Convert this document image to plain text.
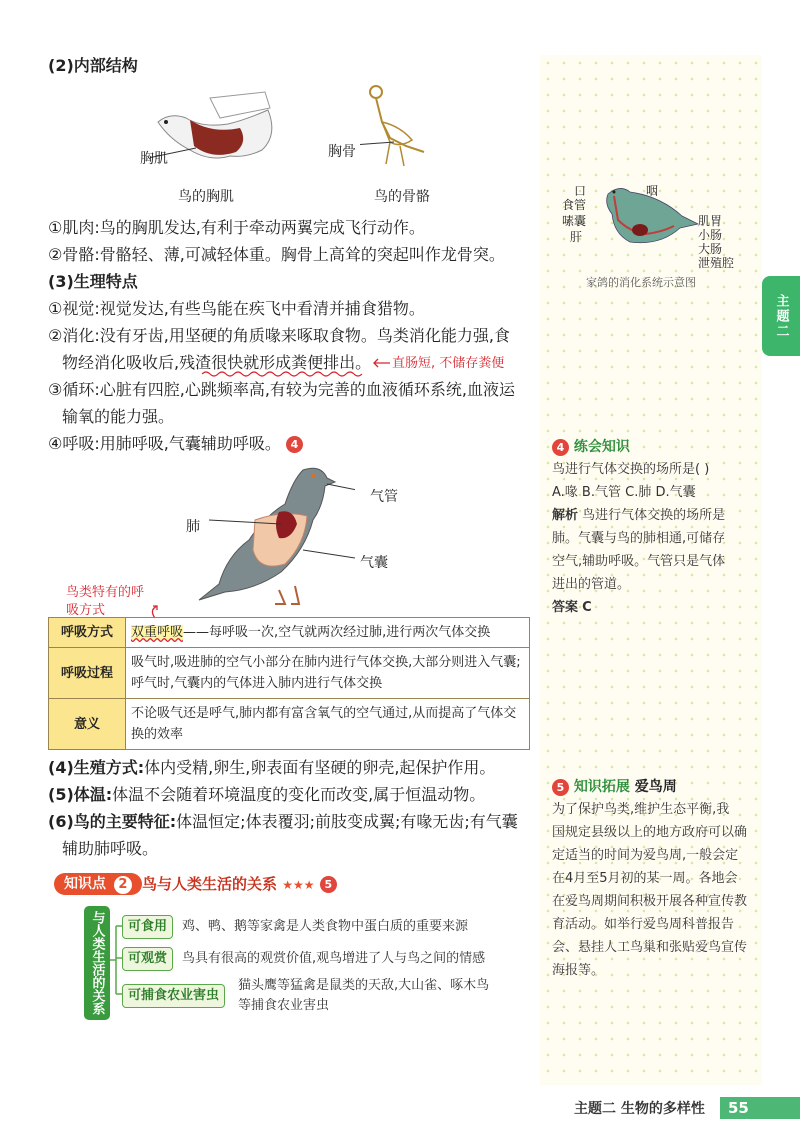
主题二
(2)内部结构
胸肌
鸟的胸肌
胸骨
鸟的骨骼
①肌肉:鸟的胸肌发达,有利于牵动两翼完成飞行动作。
②骨骼:骨骼轻、薄,可减轻体重。胸骨上高耸的突起叫作龙骨突。
(3)生理特点
①视觉:视觉发达,有些鸟能在疾飞中看清并捕食猎物。
②消化:没有牙齿,用坚硬的角质喙来啄取食物。鸟类消化能力强,食
物经消化吸收后,残渣很快就形成粪便排出。 直肠短, 不储存粪便
③循环:心脏有四腔,心跳频率高,有较为完善的血液循环系统,血液运
输氧的能力强。
④呼吸:用肺呼吸,气囊辅助呼吸。 4
肺
气管
气囊
鸟类特有的呼吸方式
呼吸方式	双重呼吸——每呼吸一次,空气就两次经过肺,进行两次气体交换
呼吸过程	吸气时,吸进肺的空气小部分在肺内进行气体交换,大部分则进入气囊;呼气时,气囊内的气体进入肺内进行气体交换
意义	不论吸气还是呼气,肺内都有富含氧气的空气通过,从而提高了气体交换的效率
(4)生殖方式:体内受精,卵生,卵表面有坚硬的卵壳,起保护作用。
(5)体温:体温不会随着环境温度的变化而改变,属于恒温动物。
(6)鸟的主要特征:体温恒定;体表覆羽;前肢变成翼;有喙无齿;有气囊
辅助肺呼吸。
知识点 2 鸟与人类生活的关系 ★★★ 5
与人类生活的关系	可食用	鸡、鸭、鹅等家禽是人类食物中蛋白质的重要来源
可观赏	鸟具有很高的观赏价值,观鸟增进了人与鸟之间的情感
可捕食农业害虫
猫头鹰等猛禽是鼠类的天敌,大山雀、啄木鸟
等捕食农业害虫
口
食管
嗉囊
肝
咽
肌胃
小肠
大肠
泄殖腔
家鸽的消化系统示意图
4 练会知识
鸟进行气体交换的场所是( )
A.喙 B.气管 C.肺 D.气囊
解析 鸟进行气体交换的场所是
肺。气囊与鸟的肺相通,可储存
空气,辅助呼吸。气管只是气体
进出的管道。
答案 C
5 知识拓展 爱鸟周
为了保护鸟类,维护生态平衡,我
国规定县级以上的地方政府可以确
定适当的时间为爱鸟周,一般会定
在4月至5月初的某一周。各地会
在爱鸟周期间积极开展各种宣传教
育活动。如举行爱鸟周科普报告
会、悬挂人工鸟巢和张贴爱鸟宣传
海报等。
主题二 生物的多样性	55
